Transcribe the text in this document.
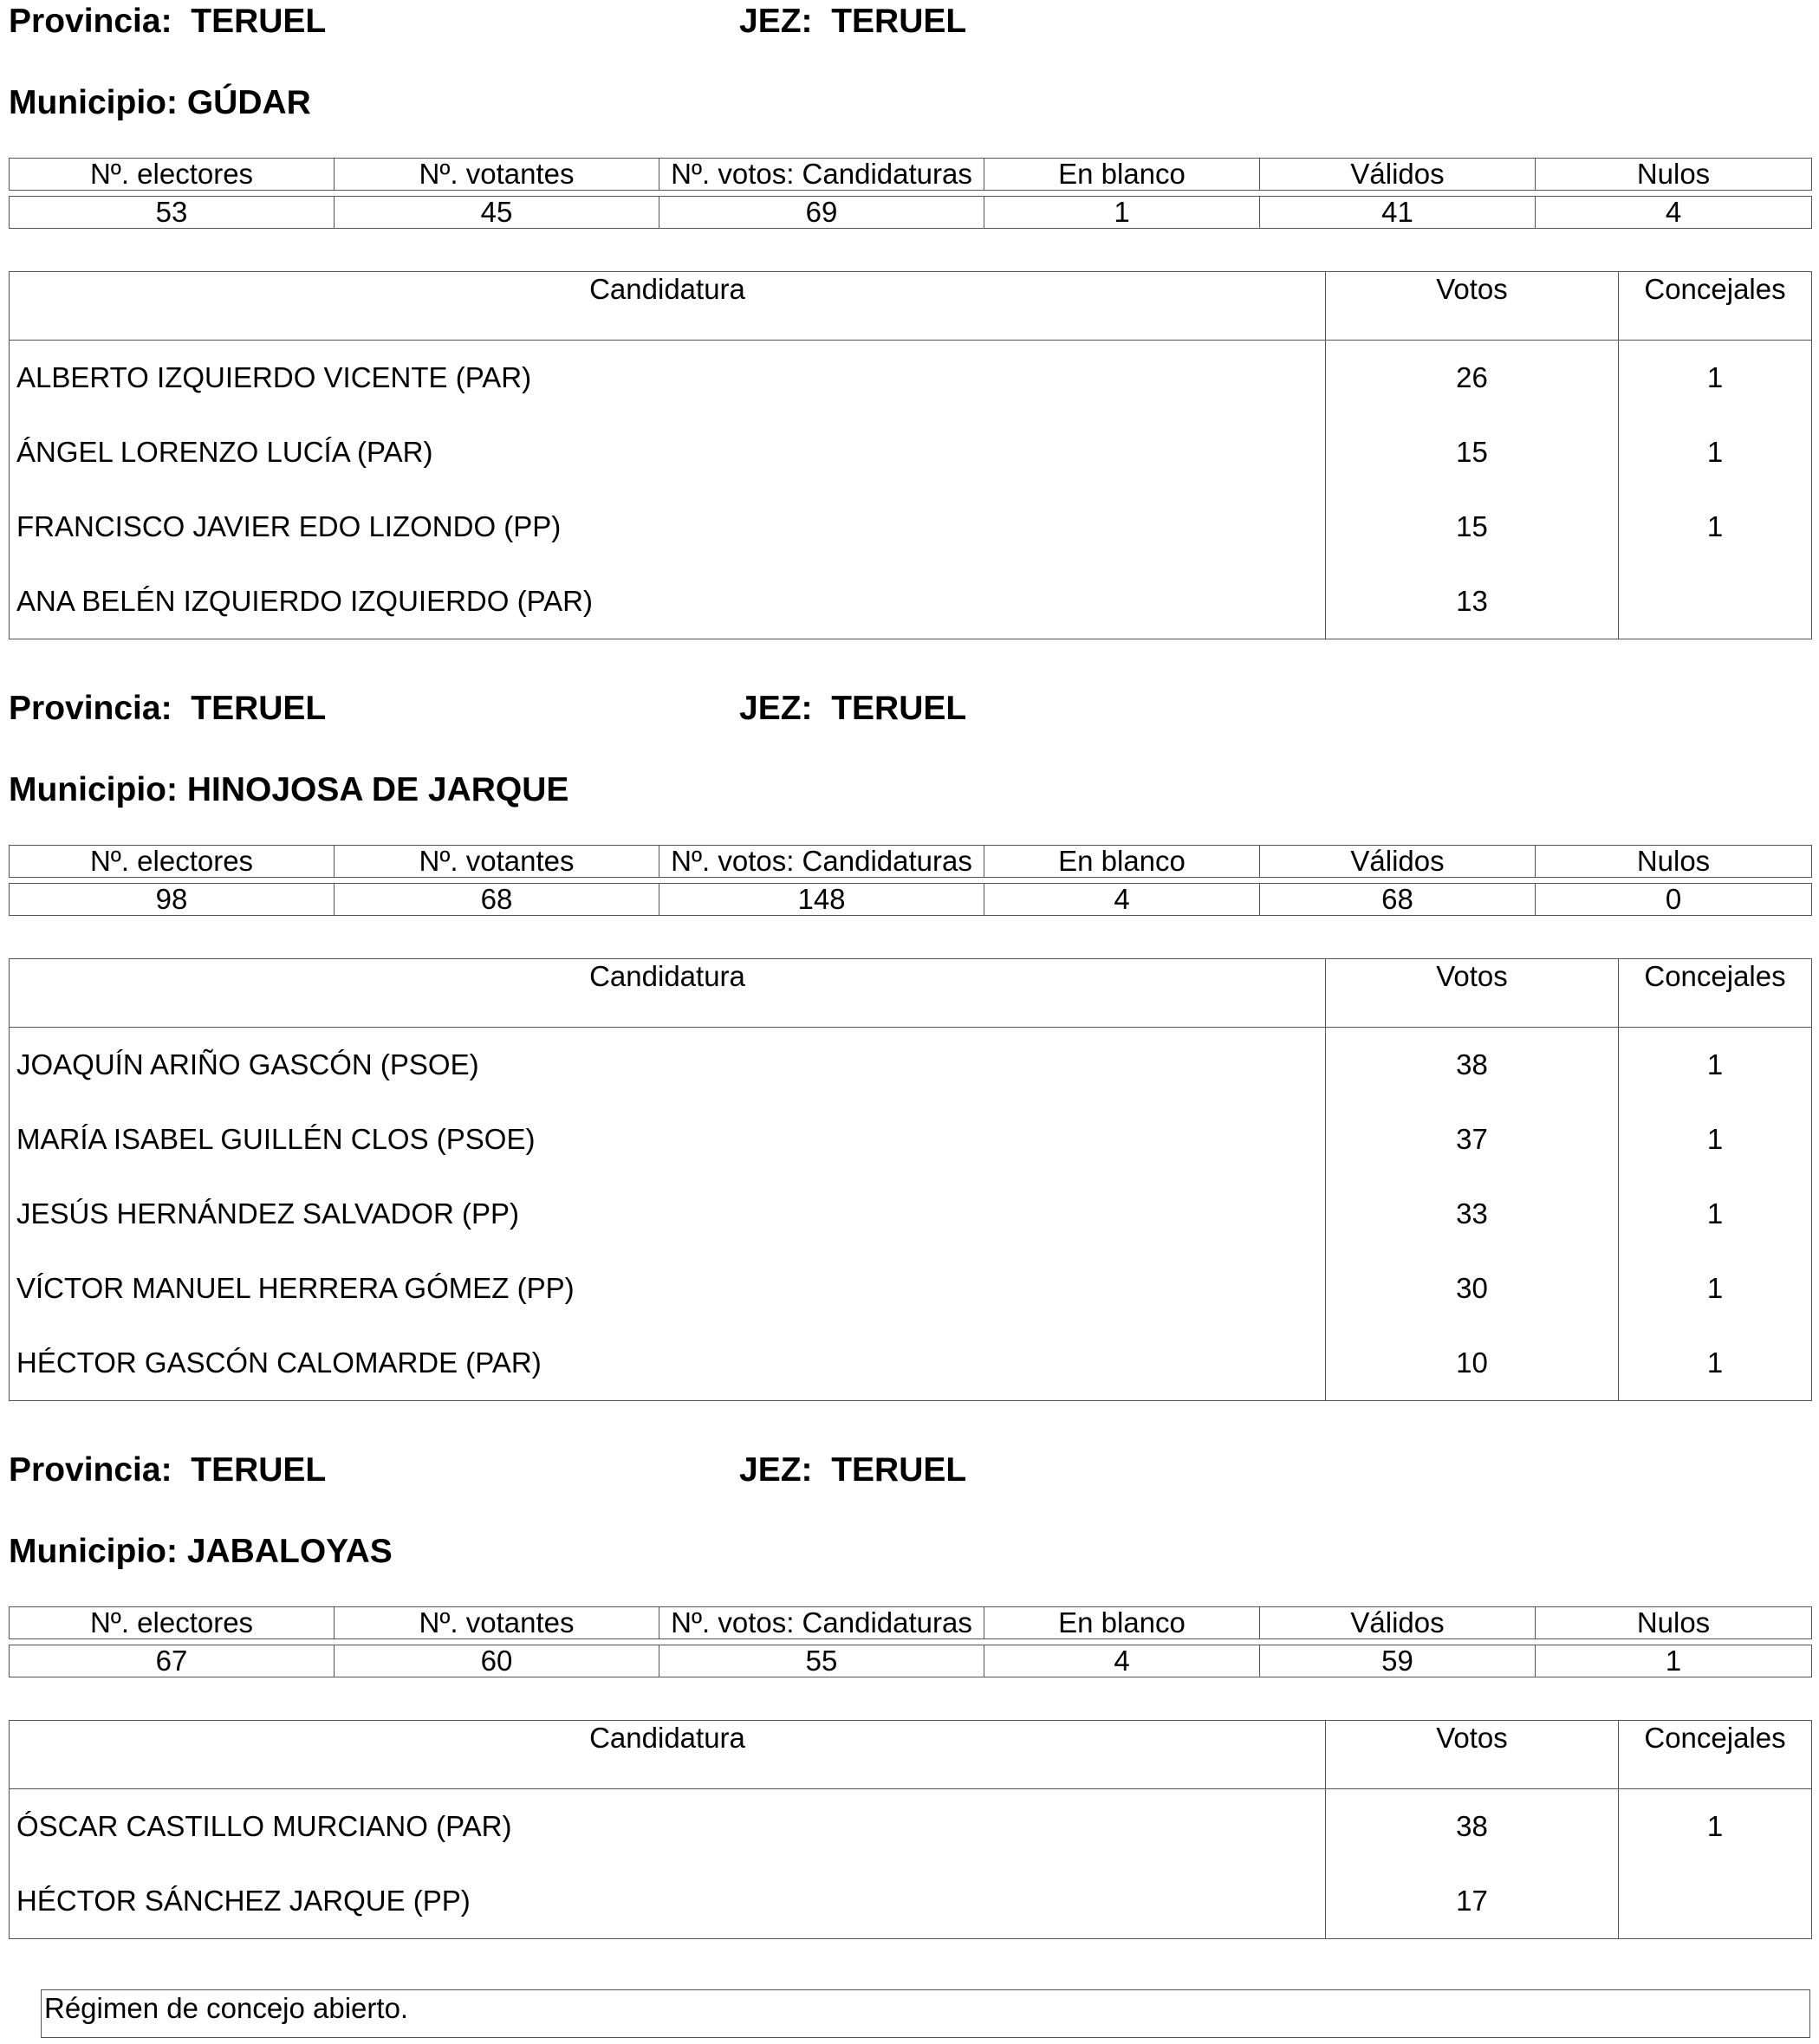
Provincia: TERUEL	JEZ: TERUEL
Municipio: GÚDAR
Nº. electores	Nº. votantes	Nº. votos: Candidaturas	En blanco	Válidos	Nulos

53	45	69	1	41	4
Candidatura	Votos	Concejales
ALBERTO IZQUIERDO VICENTE (PAR)	26	1
ÁNGEL LORENZO LUCÍA (PAR)	15	1
FRANCISCO JAVIER EDO LIZONDO (PP)	15	1
ANA BELÉN IZQUIERDO IZQUIERDO (PAR)	13	
Provincia: TERUEL	JEZ: TERUEL
Municipio: HINOJOSA DE JARQUE
Nº. electores	Nº. votantes	Nº. votos: Candidaturas	En blanco	Válidos	Nulos

98	68	148	4	68	0
Candidatura	Votos	Concejales
JOAQUÍN ARIÑO GASCÓN (PSOE)	38	1
MARÍA ISABEL GUILLÉN CLOS (PSOE)	37	1
JESÚS HERNÁNDEZ SALVADOR (PP)	33	1
VÍCTOR MANUEL HERRERA GÓMEZ (PP)	30	1
HÉCTOR GASCÓN CALOMARDE (PAR)	10	1
Provincia: TERUEL	JEZ: TERUEL
Municipio: JABALOYAS
Nº. electores	Nº. votantes	Nº. votos: Candidaturas	En blanco	Válidos	Nulos

67	60	55	4	59	1
Candidatura	Votos	Concejales
ÓSCAR CASTILLO MURCIANO (PAR)	38	1
HÉCTOR SÁNCHEZ JARQUE (PP)	17	
Régimen de concejo abierto.
